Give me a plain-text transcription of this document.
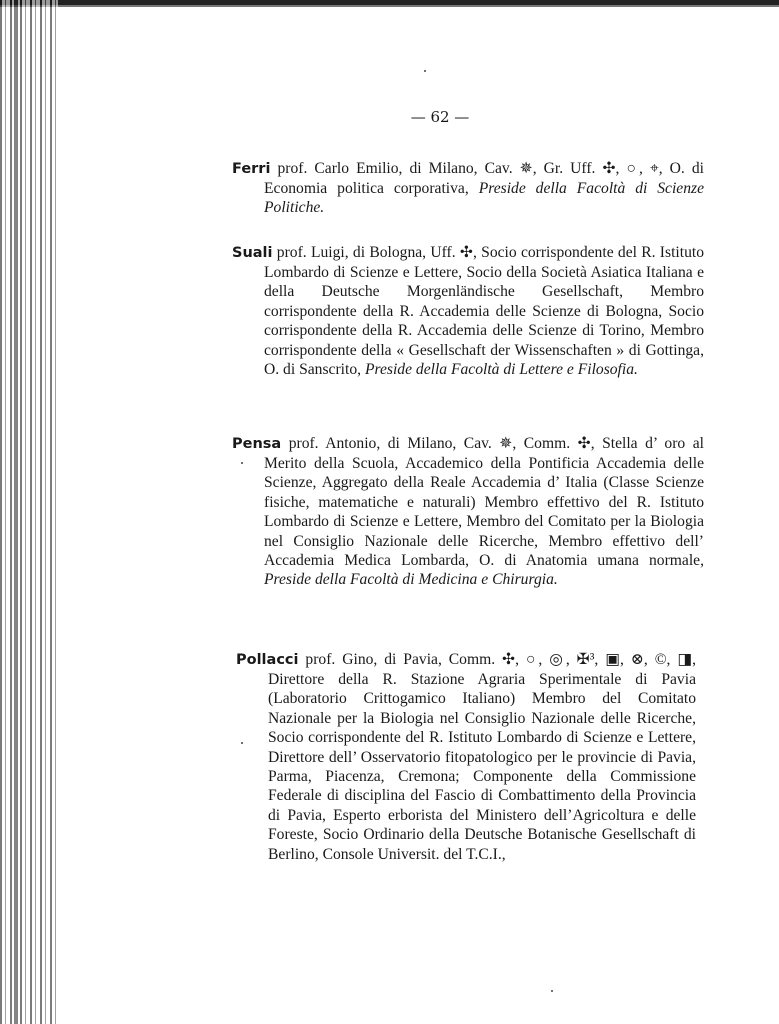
— 62 —

Ferri prof. Carlo Emilio, di Milano, Cav. ✵, Gr. Uff. ✣, ○, ⌖, O. di Economia politica corporativa, Preside della Facoltà di Scienze Politiche.

Suali prof. Luigi, di Bologna, Uff. ✣, Socio corrispondente del R. Istituto Lombardo di Scienze e Lettere, Socio della Società Asiatica Italiana e della Deutsche Morgenländische Gesellschaft, Membro corrispondente della R. Accademia delle Scienze di Bologna, Socio corrispondente della R. Accademia delle Scienze di Torino, Membro corrispondente della « Gesellschaft der Wissenschaften » di Gottinga, O. di Sanscrito, Preside della Facoltà di Lettere e Filosofia.

Pensa prof. Antonio, di Milano, Cav. ✵, Comm. ✣, Stella d’ oro al Merito della Scuola, Accademico della Pontificia Accademia delle Scienze, Aggregato della Reale Accademia d’ Italia (Classe Scienze fisiche, matematiche e naturali) Membro effettivo del R. Istituto Lombardo di Scienze e Lettere, Membro del Comitato per la Biologia nel Consiglio Nazionale delle Ricerche, Membro effettivo dell’ Accademia Medica Lombarda, O. di Anatomia umana normale, Preside della Facoltà di Medicina e Chirurgia.

Pollacci prof. Gino, di Pavia, Comm. ✣, ○, ◎, ✠³, ▣, ⊗, ©, ◨, Direttore della R. Stazione Agraria Sperimentale di Pavia (Laboratorio Crittogamico Italiano) Membro del Comitato Nazionale per la Biologia nel Consiglio Nazionale delle Ricerche, Socio corrispondente del R. Istituto Lombardo di Scienze e Lettere, Direttore dell’ Osservatorio fitopatologico per le provincie di Pavia, Parma, Piacenza, Cremona; Componente della Commissione Federale di disciplina del Fascio di Combattimento della Provincia di Pavia, Esperto erborista del Ministero dell’Agricoltura e delle Foreste, Socio Ordinario della Deutsche Botanische Gesellschaft di Berlino, Console Universit. del T.C.I.,
